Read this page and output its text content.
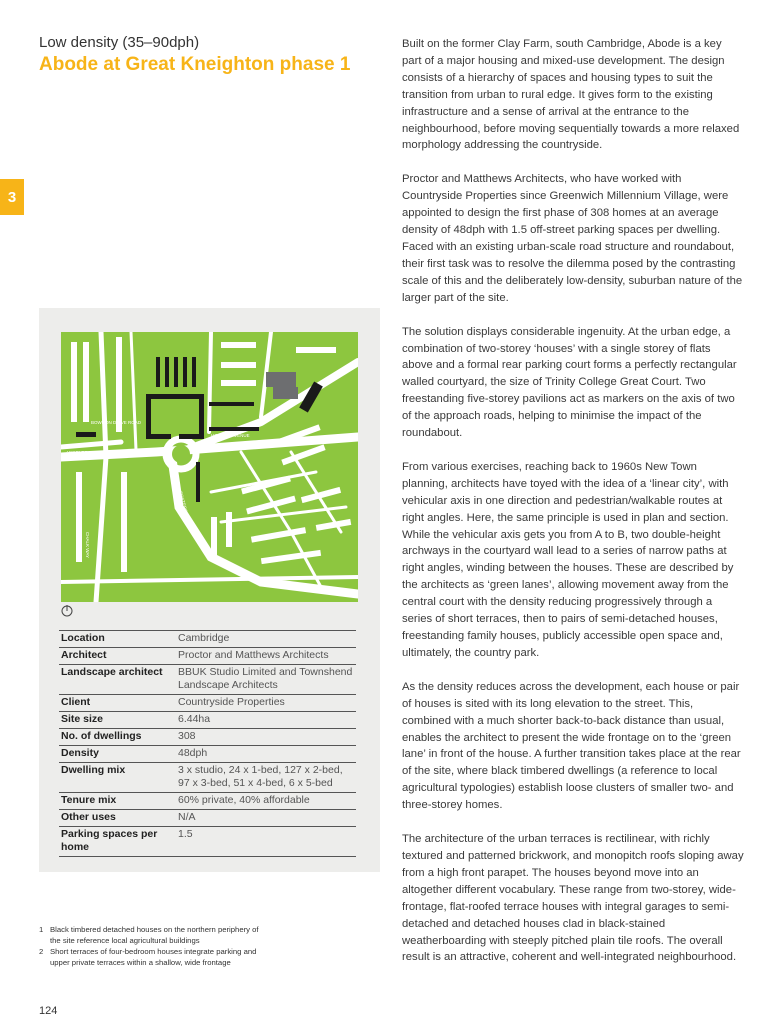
Low density (35–90dph)
Abode at Great Kneighton phase 1
3
BOWDON DRIVE ROAD
HOBSON AVENUE
ADDENBROOKE'S ROAD
CHALK WAY
FOSTERS ROAD
Location	Cambridge
Architect	Proctor and Matthews Architects
Landscape architect	BBUK Studio Limited and Townshend Landscape Architects
Client	Countryside Properties
Site size	6.44ha
No. of dwellings	308
Density	48dph
Dwelling mix	3 x studio, 24 x 1-bed, 127 x 2-bed, 97 x 3-bed, 51 x 4-bed, 6 x 5-bed
Tenure mix	60% private, 40% affordable
Other uses	N/A
Parking spaces per home	1.5

Built on the former Clay Farm, south Cambridge, Abode is a key part of a major housing and mixed-use development. The design consists of a hierarchy of spaces and housing types to suit the transition from urban to rural edge. It gives form to the existing infrastructure and a sense of arrival at the entrance to the neighbourhood, before moving sequentially towards a more relaxed morphology addressing the countryside.

Proctor and Matthews Architects, who have worked with Countryside Properties since Greenwich Millennium Village, were appointed to design the first phase of 308 homes at an average density of 48dph with 1.5 off-street parking spaces per dwelling. Faced with an existing urban-scale road structure and roundabout, their first task was to resolve the dilemma posed by the contrasting scale of this and the deliberately low-density, suburban nature of the larger part of the site.

The solution displays considerable ingenuity. At the urban edge, a combination of two-storey ‘houses’ with a single storey of flats above and a formal rear parking court forms a perfectly rectangular walled courtyard, the size of Trinity College Great Court. Two freestanding five-storey pavilions act as markers on the axis of two of the approach roads, helping to minimise the impact of the roundabout.

From various exercises, reaching back to 1960s New Town planning, architects have toyed with the idea of a ‘linear city’, with vehicular axis in one direction and pedestrian/walkable routes at right angles. Here, the same principle is used in plan and section. While the vehicular axis gets you from A to B, two double-height archways in the courtyard wall lead to a series of narrow paths at right angles, winding between the houses. These are described by the architects as ‘green lanes’, allowing movement away from the central court with the density reducing progressively through a series of short terraces, then to pairs of semi-detached houses, freestanding family houses, publicly accessible open space and, ultimately, the country park.

As the density reduces across the development, each house or pair of houses is sited with its long elevation to the street. This, combined with a much shorter back-to-back distance than usual, enables the architect to present the wide frontage on to the ‘green lane’ in front of the house. A further transition takes place at the rear of the site, where black timbered dwellings (a reference to local agricultural typologies) establish loose clusters of smaller two- and three-storey homes.

The architecture of the urban terraces is rectilinear, with richly textured and patterned brickwork, and monopitch roofs sloping away from a high front parapet. The houses beyond move into an altogether different vocabulary. These range from two-storey, wide-frontage, flat-roofed terrace houses with integral garages to semi-detached and detached houses clad in black-stained weatherboarding with steeply pitched plain tile roofs. The overall result is an attractive, coherent and well-integrated neighbourhood.

1 Black timbered detached houses on the northern periphery of the site reference local agricultural buildings
2 Short terraces of four-bedroom houses integrate parking and upper private terraces within a shallow, wide frontage
124
